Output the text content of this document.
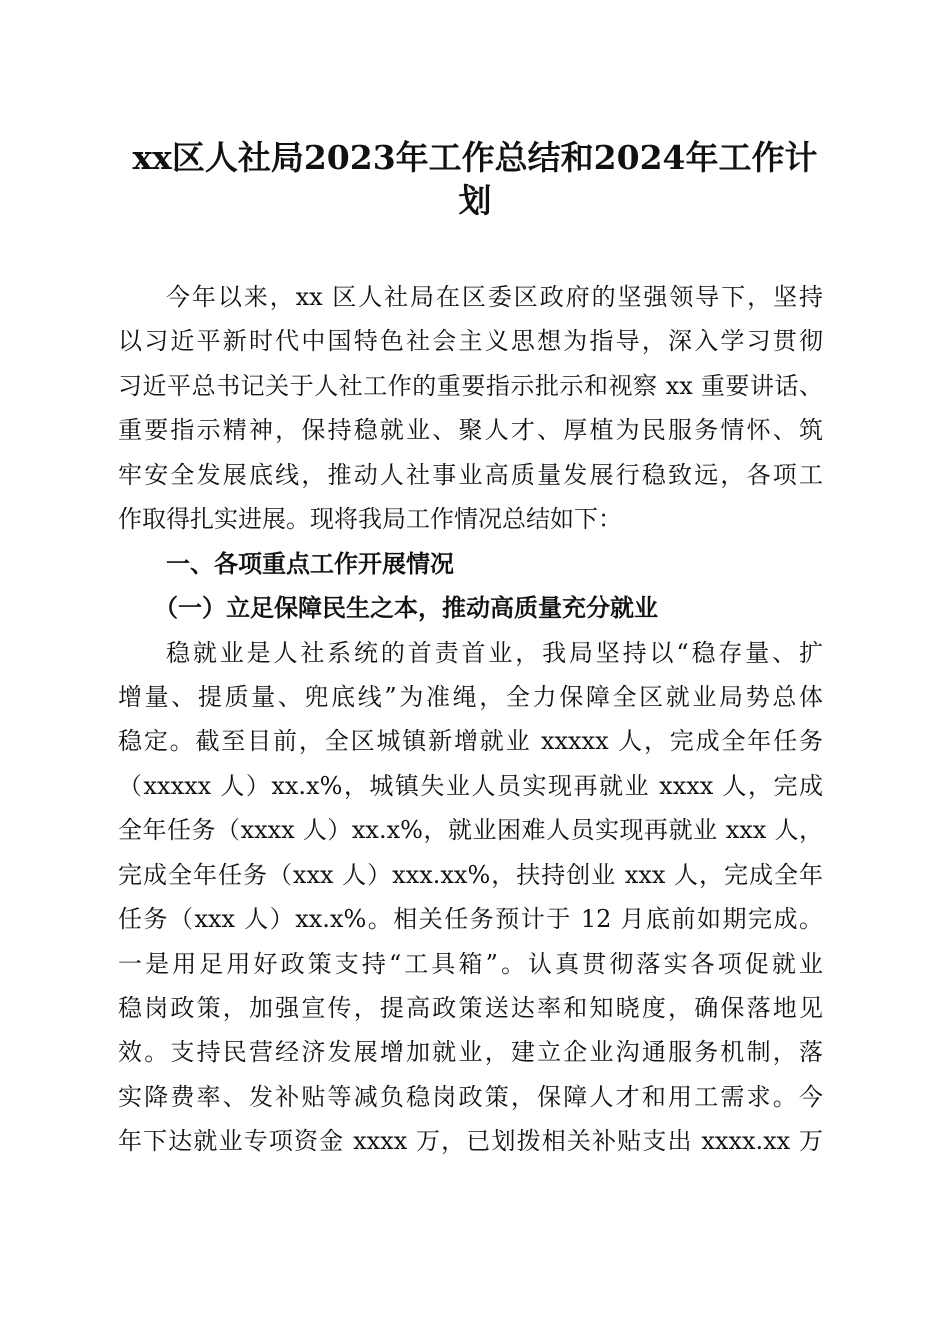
xx区人社局2023年工作总结和2024年工作计
划
今年以来，xx 区人社局在区委区政府的坚强领导下，坚持
以习近平新时代中国特色社会主义思想为指导，深入学习贯彻
习近平总书记关于人社工作的重要指示批示和视察 xx 重要讲话、
重要指示精神，保持稳就业、聚人才、厚植为民服务情怀、筑
牢安全发展底线，推动人社事业高质量发展行稳致远，各项工
作取得扎实进展。现将我局工作情况总结如下：
一、各项重点工作开展情况
（一）立足保障民生之本，推动高质量充分就业
稳就业是人社系统的首责首业，我局坚持以“稳存量、扩
增量、提质量、兜底线”为准绳，全力保障全区就业局势总体
稳定。截至目前，全区城镇新增就业 xxxxx 人，完成全年任务
（xxxxx 人）xx.x%，城镇失业人员实现再就业 xxxx 人，完成
全年任务（xxxx 人）xx.x%，就业困难人员实现再就业 xxx 人，
完成全年任务（xxx 人）xxx.xx%，扶持创业 xxx 人，完成全年
任务（xxx 人）xx.x%。相关任务预计于 12 月底前如期完成。
一是用足用好政策支持“工具箱”。认真贯彻落实各项促就业
稳岗政策，加强宣传，提高政策送达率和知晓度，确保落地见
效。支持民营经济发展增加就业，建立企业沟通服务机制，落
实降费率、发补贴等减负稳岗政策，保障人才和用工需求。今
年下达就业专项资金 xxxx 万，已划拨相关补贴支出 xxxx.xx 万
